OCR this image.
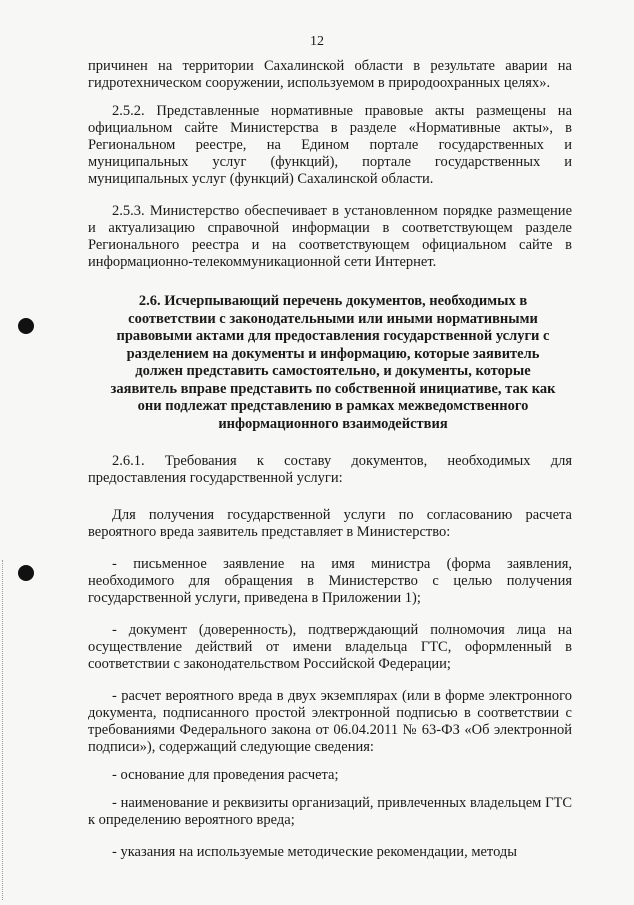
12

причинен на территории Сахалинской области в результате аварии на гидротехническом сооружении, используемом в природоохранных целях».

2.5.2. Представленные нормативные правовые акты размещены на официальном сайте Министерства в разделе «Нормативные акты», в Региональном реестре, на Едином портале государственных и муниципальных услуг (функций), портале государственных и муниципальных услуг (функций) Сахалинской области.

2.5.3. Министерство обеспечивает в установленном порядке размещение и актуализацию справочной информации в соответствующем разделе Регионального реестра и на соответствующем официальном сайте в информационно-телекоммуникационной сети Интернет.

2.6. Исчерпывающий перечень документов, необходимых в соответствии с законодательными или иными нормативными правовыми актами для предоставления государственной услуги с разделением на документы и информацию, которые заявитель должен представить самостоятельно, и документы, которые заявитель вправе представить по собственной инициативе, так как они подлежат представлению в рамках межведомственного информационного взаимодействия

2.6.1. Требования к составу документов, необходимых для предоставления государственной услуги:

Для получения государственной услуги по согласованию расчета вероятного вреда заявитель представляет в Министерство:

- письменное заявление на имя министра (форма заявления, необходимого для обращения в Министерство с целью получения государственной услуги, приведена в Приложении 1);

- документ (доверенность), подтверждающий полномочия лица на осуществление действий от имени владельца ГТС, оформленный в соответствии с законодательством Российской Федерации;

- расчет вероятного вреда в двух экземплярах (или в форме электронного документа, подписанного простой электронной подписью в соответствии с требованиями Федерального закона от 06.04.2011 № 63-ФЗ «Об электронной подписи»), содержащий следующие сведения:

- основание для проведения расчета;

- наименование и реквизиты организаций, привлеченных владельцем ГТС к определению вероятного вреда;

- указания на используемые методические рекомендации, методы
